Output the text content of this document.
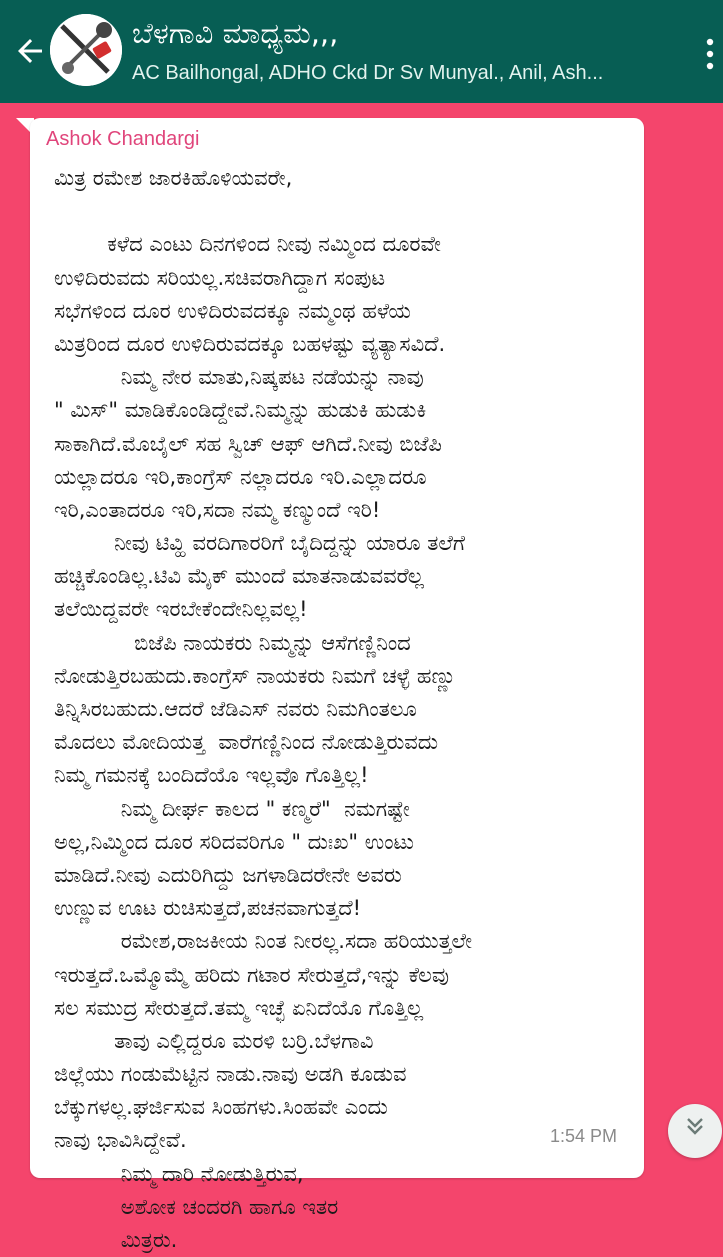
ಬೆಳಗಾವಿ ಮಾಧ್ಯಮ,,,
AC Bailhongal, ADHO Ckd Dr Sv Munyal., Anil, Ash...
Ashok Chandargi
ಮಿತ್ರ ರಮೇಶ ಜಾರಕಿಹೊಳಿಯವರೇ,
ಕಳೆದ ಎಂಟು ದಿನಗಳಿಂದ ನೀವು ನಮ್ಮಿಂದ ದೂರವೇ
ಉಳಿದಿರುವದು ಸರಿಯಲ್ಲ.ಸಚಿವರಾಗಿದ್ದಾಗ ಸಂಪುಟ
ಸಭೆಗಳಿಂದ ದೂರ ಉಳಿದಿರುವದಕ್ಕೂ ನಮ್ಮಂಥ ಹಳೆಯ
ಮಿತ್ರರಿಂದ ದೂರ ಉಳಿದಿರುವದಕ್ಕೂ ಬಹಳಷ್ಟು ವ್ಯತ್ಯಾಸವಿದೆ.
ನಿಮ್ಮ ನೇರ ಮಾತು,ನಿಷ್ಕಪಟ ನಡೆಯನ್ನು ನಾವು
" ಮಿಸ್" ಮಾಡಿಕೊಂಡಿದ್ದೇವೆ.ನಿಮ್ಮನ್ನು ಹುಡುಕಿ ಹುಡುಕಿ
ಸಾಕಾಗಿದೆ.ಮೊಬೈಲ್ ಸಹ ಸ್ವಿಚ್ ಆಫ್ ಆಗಿದೆ.ನೀವು ಬಿಜೆಪಿ
ಯಲ್ಲಾದರೂ ಇರಿ,ಕಾಂಗ್ರೆಸ್ ನಲ್ಲಾದರೂ ಇರಿ.ಎಲ್ಲಾದರೂ
ಇರಿ,ಎಂತಾದರೂ ಇರಿ,ಸದಾ ನಮ್ಮ ಕಣ್ಮುಂದೆ ಇರಿ!
ನೀವು ಟಿವ್ಹಿ ವರದಿಗಾರರಿಗೆ ಬೈದಿದ್ದನ್ನು ಯಾರೂ ತಲೆಗೆ
ಹಚ್ಚಿಕೊಂಡಿಲ್ಲ.ಟಿವಿ ಮೈಕ್ ಮುಂದೆ ಮಾತನಾಡುವವರೆಲ್ಲ
ತಲೆಯಿದ್ದವರೇ ಇರಬೇಕೆಂದೇನಿಲ್ಲವಲ್ಲ!
ಬಿಜೆಪಿ ನಾಯಕರು ನಿಮ್ಮನ್ನು ಆಸೆಗಣ್ಣಿನಿಂದ
ನೋಡುತ್ತಿರಬಹುದು.ಕಾಂಗ್ರೆಸ್ ನಾಯಕರು ನಿಮಗೆ ಚಳ್ಳೆ ಹಣ್ಣು
ತಿನ್ನಿಸಿರಬಹುದು.ಆದರೆ ಜೆಡಿಎಸ್ ನವರು ನಿಮಗಿಂತಲೂ
ಮೊದಲು ಮೋದಿಯತ್ತ  ವಾರೆಗಣ್ಣಿನಿಂದ ನೋಡುತ್ತಿರುವದು
ನಿಮ್ಮ ಗಮನಕ್ಕೆ ಬಂದಿದೆಯೊ ಇಲ್ಲವೊ ಗೊತ್ತಿಲ್ಲ!
ನಿಮ್ಮ ದೀರ್ಘ ಕಾಲದ " ಕಣ್ಮರೆ"  ನಮಗಷ್ಟೇ
ಅಲ್ಲ,ನಿಮ್ಮಿಂದ ದೂರ ಸರಿದವರಿಗೂ " ದುಃಖ" ಉಂಟು
ಮಾಡಿದೆ.ನೀವು ಎದುರಿಗಿದ್ದು ಜಗಳಾಡಿದರೇನೇ ಅವರು
ಉಣ್ಣುವ ಊಟ ರುಚಿಸುತ್ತದೆ,ಪಚನವಾಗುತ್ತದೆ!
ರಮೇಶ,ರಾಜಕೀಯ ನಿಂತ ನೀರಲ್ಲ.ಸದಾ ಹರಿಯುತ್ತಲೇ
ಇರುತ್ತದೆ.ಒಮ್ಮೊಮ್ಮೆ ಹರಿದು ಗಟಾರ ಸೇರುತ್ತದೆ,ಇನ್ನು ಕೆಲವು
ಸಲ ಸಮುದ್ರ ಸೇರುತ್ತದೆ.ತಮ್ಮ ಇಚ್ಛೆ ಏನಿದೆಯೊ ಗೊತ್ತಿಲ್ಲ
ತಾವು ಎಲ್ಲಿದ್ದರೂ ಮರಳಿ ಬರ್ರಿ.ಬೆಳಗಾವಿ
ಜಿಲ್ಲೆಯು ಗಂಡುಮೆಟ್ಟಿನ ನಾಡು.ನಾವು ಅಡಗಿ ಕೂಡುವ
ಬೆಕ್ಕುಗಳಲ್ಲ.ಘರ್ಜಿಸುವ ಸಿಂಹಗಳು.ಸಿಂಹವೇ ಎಂದು
ನಾವು ಭಾವಿಸಿದ್ದೇವೆ.
ನಿಮ್ಮ ದಾರಿ ನೋಡುತ್ತಿರುವ,
ಅಶೋಕ ಚಂದರಗಿ ಹಾಗೂ ಇತರ
ಮಿತ್ರರು.
1:54 PM
